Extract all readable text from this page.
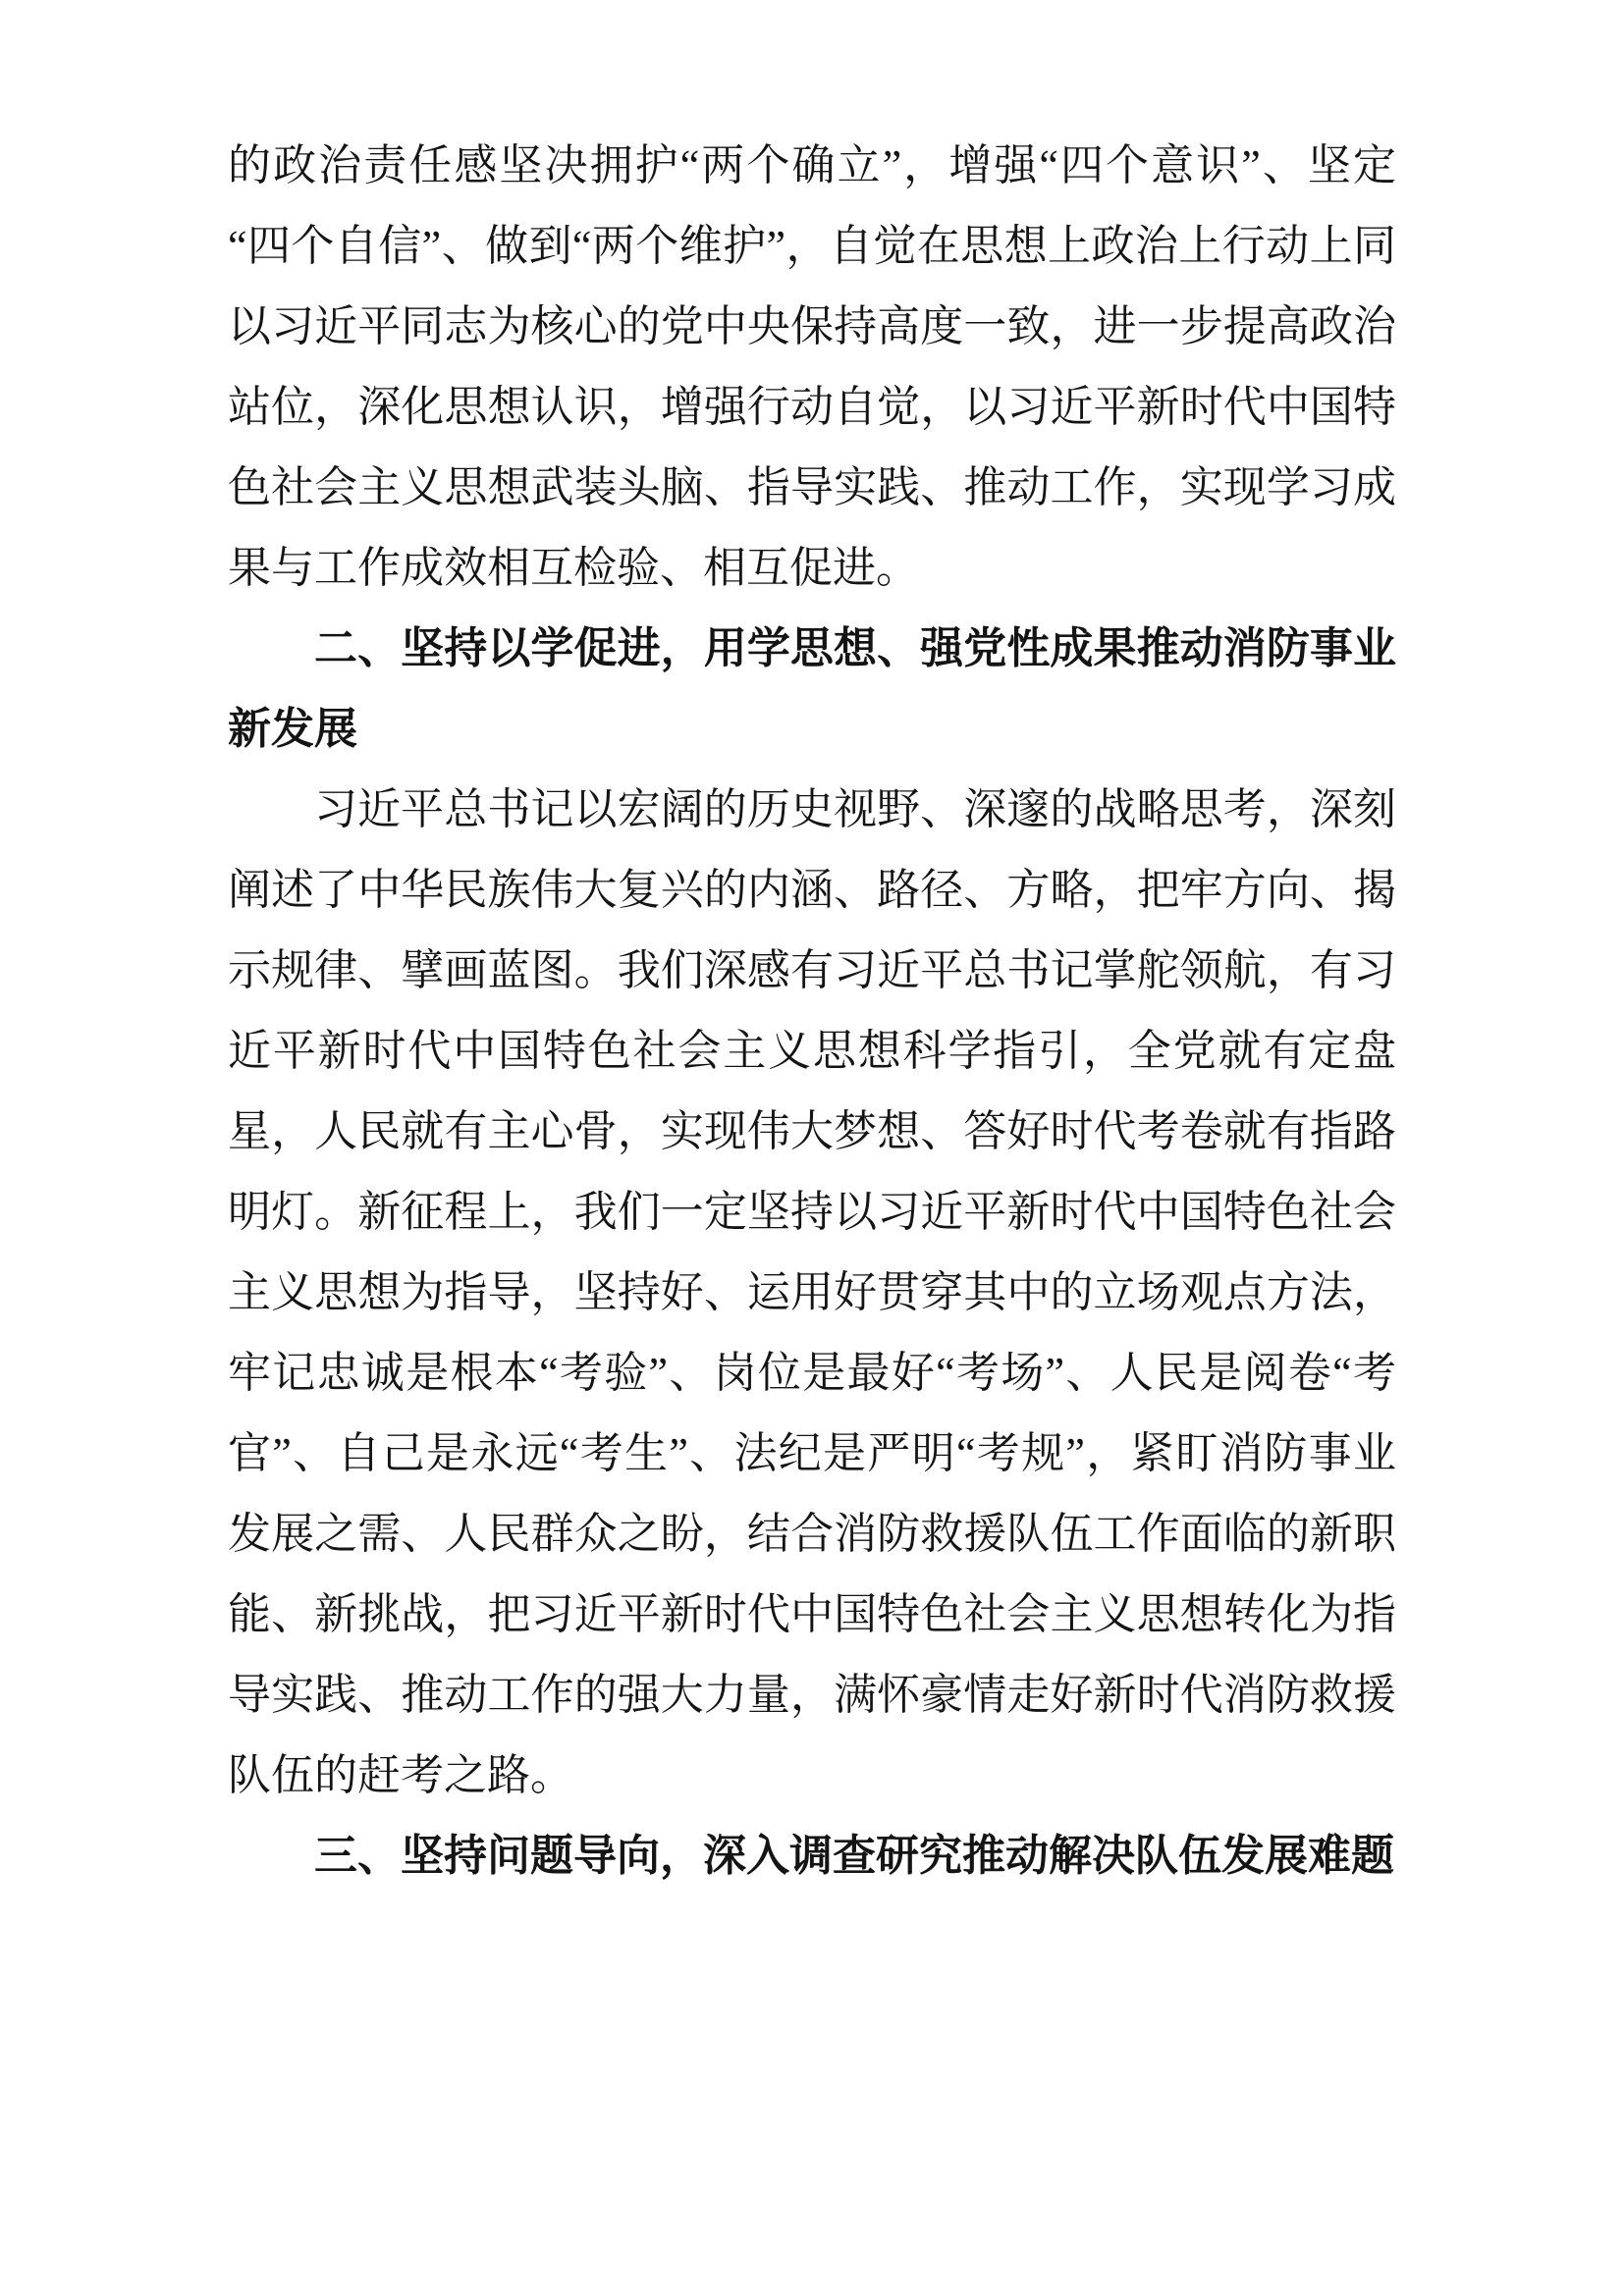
的政治责任感坚决拥护“两个确立”，增强“四个意识”、坚定“四个自信”、做到“两个维护”，自觉在思想上政治上行动上同以习近平同志为核心的党中央保持高度一致，进一步提高政治站位，深化思想认识，增强行动自觉，以习近平新时代中国特色社会主义思想武装头脑、指导实践、推动工作，实现学习成果与工作成效相互检验、相互促进。

二、坚持以学促进，用学思想、强党性成果推动消防事业新发展

习近平总书记以宏阔的历史视野、深邃的战略思考，深刻阐述了中华民族伟大复兴的内涵、路径、方略，把牢方向、揭示规律、擘画蓝图。我们深感有习近平总书记掌舵领航，有习近平新时代中国特色社会主义思想科学指引，全党就有定盘星，人民就有主心骨，实现伟大梦想、答好时代考卷就有指路明灯。新征程上，我们一定坚持以习近平新时代中国特色社会主义思想为指导，坚持好、运用好贯穿其中的立场观点方法，牢记忠诚是根本“考验”、岗位是最好“考场”、人民是阅卷“考官”、自己是永远“考生”、法纪是严明“考规”，紧盯消防事业发展之需、人民群众之盼，结合消防救援队伍工作面临的新职能、新挑战，把习近平新时代中国特色社会主义思想转化为指导实践、推动工作的强大力量，满怀豪情走好新时代消防救援队伍的赶考之路。

三、坚持问题导向，深入调查研究推动解决队伍发展难题
